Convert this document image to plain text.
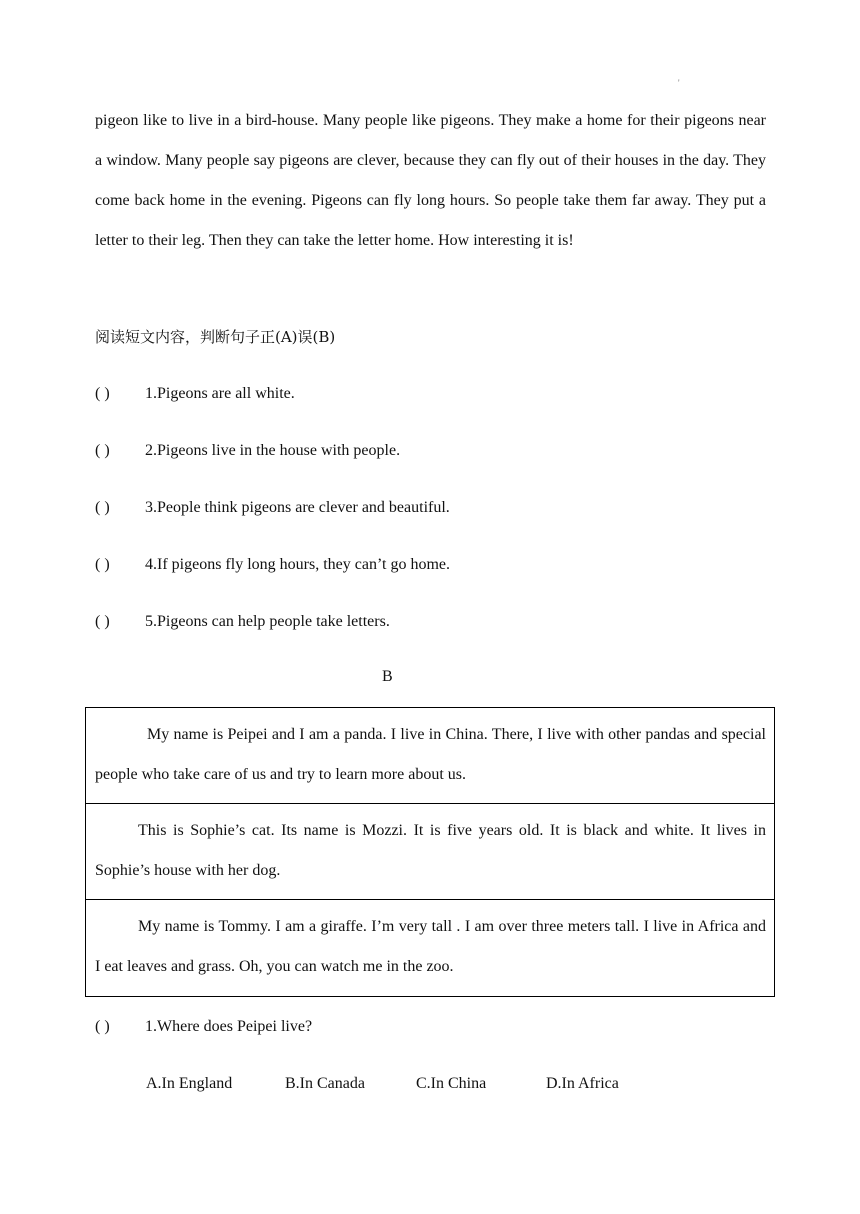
'

pigeon like to live in a bird-house. Many people like pigeons. They make a home for their pigeons near a window. Many people say pigeons are clever, because they can fly out of their houses in the day. They come back home in the evening. Pigeons can fly long hours. So people take them far away. They put a letter to their leg. Then they can take the letter home. How interesting it is!

阅读短文内容，判断句子正(A)误(B)

( ) 1.Pigeons are all white.
( ) 2.Pigeons live in the house with people.
( ) 3.People think pigeons are clever and beautiful.
( ) 4.If pigeons fly long hours, they can’t go home.
( ) 5.Pigeons can help people take letters.

B

My name is Peipei and I am a panda. I live in China. There, I live with other pandas and special people who take care of us and try to learn more about us.

This is Sophie’s cat. Its name is Mozzi. It is five years old. It is black and white. It lives in Sophie’s house with her dog.

My name is Tommy. I am a giraffe. I’m very tall . I am over three meters tall. I live in Africa and I eat leaves and grass. Oh, you can watch me in the zoo.

( ) 1.Where does Peipei live?

A.In England	B.In Canada	C.In China	D.In Africa
